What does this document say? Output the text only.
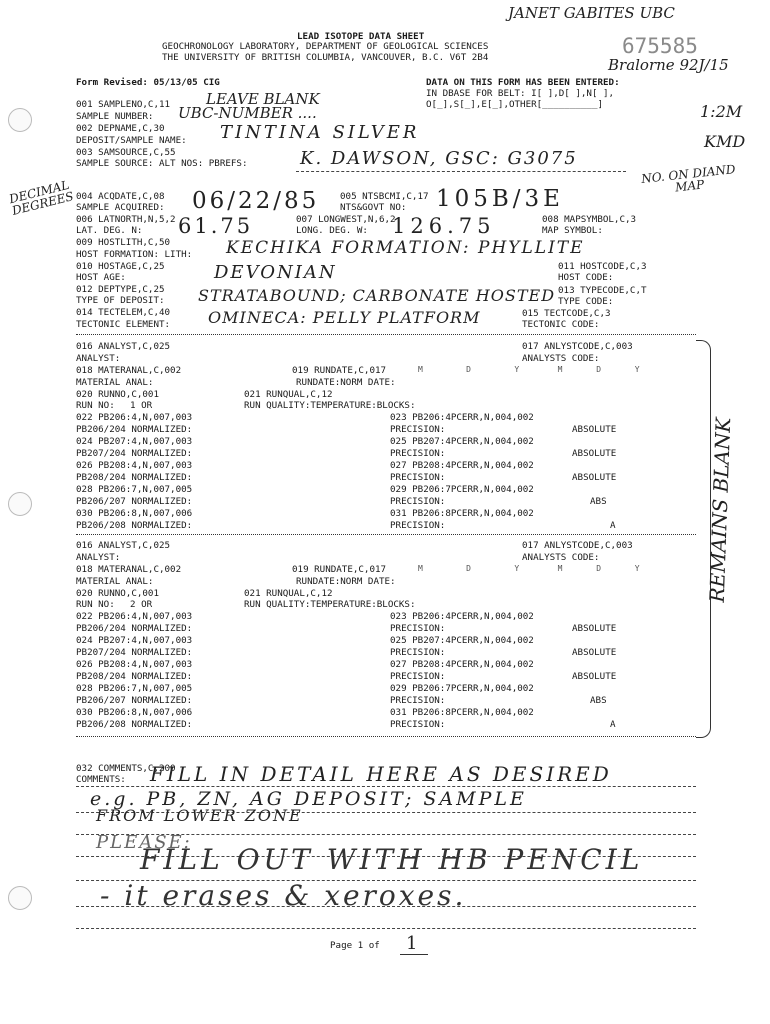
JANET GABITES UBC
LEAD ISOTOPE DATA SHEET
GEOCHRONOLOGY LABORATORY, DEPARTMENT OF GEOLOGICAL SCIENCES
THE UNIVERSITY OF BRITISH COLUMBIA, VANCOUVER, B.C. V6T 2B4	675585
Bralorne 92J/15
Form Revised: 05/13/05 CIG	DATA ON THIS FORM HAS BEEN ENTERED:
IN DBASE FOR BELT: I[ ],D[ ],N[ ],
O[_],S[_],E[_],OTHER[__________]
001 SAMPLENO,C,11 LEAVE BLANK
SAMPLE NUMBER: UBC-NUMBER ....
002 DEPNAME,C,30
DEPOSIT/SAMPLE NAME: TINTINA SILVER
003 SAMSOURCE,C,55
SAMPLE SOURCE: ALT NOS: PBREFS:	K. DAWSON, GSC: G3075
1:2M
KMD
NO. ON DIAND MAP
DECIMAL DEGREES 004 ACQDATE,C,08
SAMPLE ACQUIRED: 06/22/85 005 NTSBCMI,C,17
NTS&GOVT NO: 105B/3E
006 LATNORTH,N,5,2
LAT. DEG. N: 61.75	007 LONGWEST,N,6,2
LONG. DEG. W: 126.75	008 MAPSYMBOL,C,3
MAP SYMBOL:
009 HOSTLITH,C,50
HOST FORMATION: LITH: KECHIKA FORMATION: PHYLLITE
010 HOSTAGE,C,25
HOST AGE:	DEVONIAN	011 HOSTCODE,C,3
HOST CODE:
012 DEPTYPE,C,25
TYPE OF DEPOSIT: STRATABOUND; CARBONATE HOSTED 013 TYPECODE,C,T
TYPE CODE:
014 TECTELEM,C,40
TECTONIC ELEMENT: OMINECA: PELLY PLATFORM	015 TECTCODE,C,3
TECTONIC CODE:
016 ANALYST,C,025	017 ANLYSTCODE,C,003
ANALYST:	ANALYSTS CODE:
018 MATERANAL,C,002	019 RUNDATE,C,017	M         D         Y        M       D       Y
MATERIAL ANAL:	RUNDATE:NORM DATE:
020 RUNNO,C,001	021 RUNQUAL,C,12
RUN NO: 1 OR	RUN QUALITY:TEMPERATURE:BLOCKS:
022 PB206:4,N,007,003	023 PB206:4PCERR,N,004,002
PB206/204 NORMALIZED:	PRECISION:	ABSOLUTE
024 PB207:4,N,007,003	025 PB207:4PCERR,N,004,002
PB207/204 NORMALIZED:	PRECISION:	ABSOLUTE
026 PB208:4,N,007,003	027 PB208:4PCERR,N,004,002
PB208/204 NORMALIZED:	PRECISION:	ABSOLUTE
028 PB206:7,N,007,005	029 PB206:7PCERR,N,004,002
PB206/207 NORMALIZED:	PRECISION:	ABS
030 PB206:8,N,007,006	031 PB206:8PCERR,N,004,002
PB206/208 NORMALIZED:	PRECISION:	A
016 ANALYST,C,025	017 ANLYSTCODE,C,003
ANALYST:	ANALYSTS CODE:
018 MATERANAL,C,002	019 RUNDATE,C,017	M         D         Y        M       D       Y
MATERIAL ANAL:	RUNDATE:NORM DATE:
020 RUNNO,C,001	021 RUNQUAL,C,12
RUN NO: 2 OR	RUN QUALITY:TEMPERATURE:BLOCKS:
022 PB206:4,N,007,003	023 PB206:4PCERR,N,004,002
PB206/204 NORMALIZED:	PRECISION:	ABSOLUTE
024 PB207:4,N,007,003	025 PB207:4PCERR,N,004,002
PB207/204 NORMALIZED:	PRECISION:	ABSOLUTE
026 PB208:4,N,007,003	027 PB208:4PCERR,N,004,002
PB208/204 NORMALIZED:	PRECISION:	ABSOLUTE
028 PB206:7,N,007,005	029 PB206:7PCERR,N,004,002
PB206/207 NORMALIZED:	PRECISION:	ABS
030 PB206:8,N,007,006	031 PB206:8PCERR,N,004,002
PB206/208 NORMALIZED:	PRECISION:	A
REMAINS BLANK
032 COMMENTS,C,200
COMMENTS: FILL IN DETAIL HERE AS DESIRED
e.g. PB, ZN, AG DEPOSIT; SAMPLE
FROM LOWER ZONE
PLEASE:
FILL OUT WITH HB PENCIL
- it erases & xeroxes.
Page 1 of 1
